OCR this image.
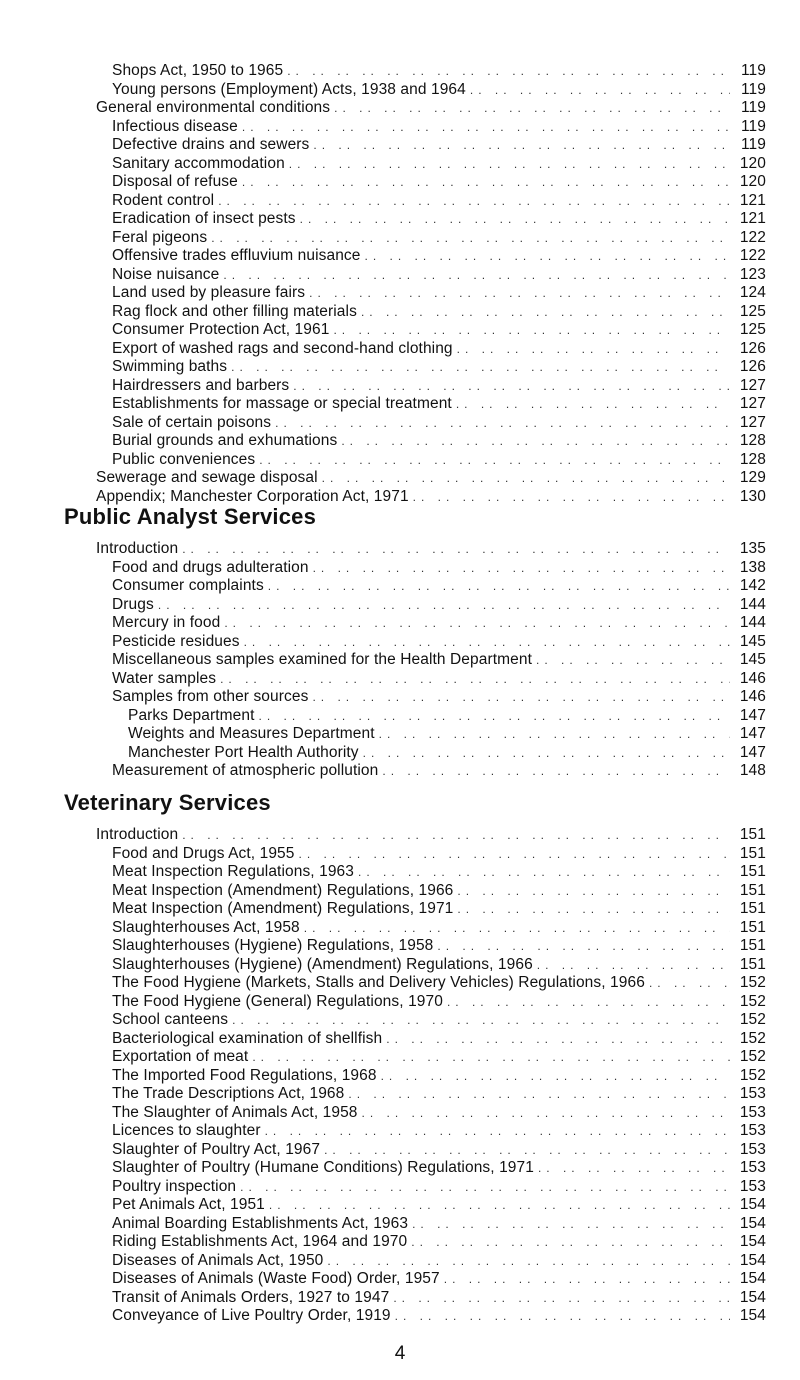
Shops Act, 1950 to 1965 .. ..	119
Young persons (Employment) Acts, 1938 and 1964 .. ..	119
General environmental conditions .. ..	119
Infectious disease .. ..	119
Defective drains and sewers .. ..	119
Sanitary accommodation .. ..	120
Disposal of refuse .. ..	120
Rodent control .. ..	121
Eradication of insect pests .. ..	121
Feral pigeons .. ..	122
Offensive trades effluvium nuisance .. ..	122
Noise nuisance .. ..	123
Land used by pleasure fairs .. ..	124
Rag flock and other filling materials .. ..	125
Consumer Protection Act, 1961 .. ..	125
Export of washed rags and second-hand clothing .. ..	126
Swimming baths .. ..	126
Hairdressers and barbers .. ..	127
Establishments for massage or special treatment .. ..	127
Sale of certain poisons .. ..	127
Burial grounds and exhumations .. ..	128
Public conveniences .. ..	128
Sewerage and sewage disposal .. ..	129
Appendix; Manchester Corporation Act, 1971 .. ..	130
Public Analyst Services
Introduction .. ..	135
Food and drugs adulteration .. ..	138
Consumer complaints .. ..	142
Drugs .. ..	144
Mercury in food .. ..	144
Pesticide residues .. ..	145
Miscellaneous samples examined for the Health Department .. ..	145
Water samples .. ..	146
Samples from other sources .. ..	146
Parks Department .. ..	147
Weights and Measures Department .. ..	147
Manchester Port Health Authority .. ..	147
Measurement of atmospheric pollution .. ..	148
Veterinary Services
Introduction .. ..	151
Food and Drugs Act, 1955 .. ..	151
Meat Inspection Regulations, 1963 .. ..	151
Meat Inspection (Amendment) Regulations, 1966 .. ..	151
Meat Inspection (Amendment) Regulations, 1971 .. ..	151
Slaughterhouses Act, 1958 .. ..	151
Slaughterhouses (Hygiene) Regulations, 1958 .. ..	151
Slaughterhouses (Hygiene) (Amendment) Regulations, 1966 .. ..	151
The Food Hygiene (Markets, Stalls and Delivery Vehicles) Regulations, 1966 .. ..	152
The Food Hygiene (General) Regulations, 1970 .. ..	152
School canteens .. ..	152
Bacteriological examination of shellfish .. ..	152
Exportation of meat .. ..	152
The Imported Food Regulations, 1968 .. ..	152
The Trade Descriptions Act, 1968 .. ..	153
The Slaughter of Animals Act, 1958 .. ..	153
Licences to slaughter .. ..	153
Slaughter of Poultry Act, 1967 .. ..	153
Slaughter of Poultry (Humane Conditions) Regulations, 1971 .. ..	153
Poultry inspection .. ..	153
Pet Animals Act, 1951 .. ..	154
Animal Boarding Establishments Act, 1963 .. ..	154
Riding Establishments Act, 1964 and 1970 .. ..	154
Diseases of Animals Act, 1950 .. ..	154
Diseases of Animals (Waste Food) Order, 1957 .. ..	154
Transit of Animals Orders, 1927 to 1947 .. ..	154
Conveyance of Live Poultry Order, 1919 .. ..	154
4
